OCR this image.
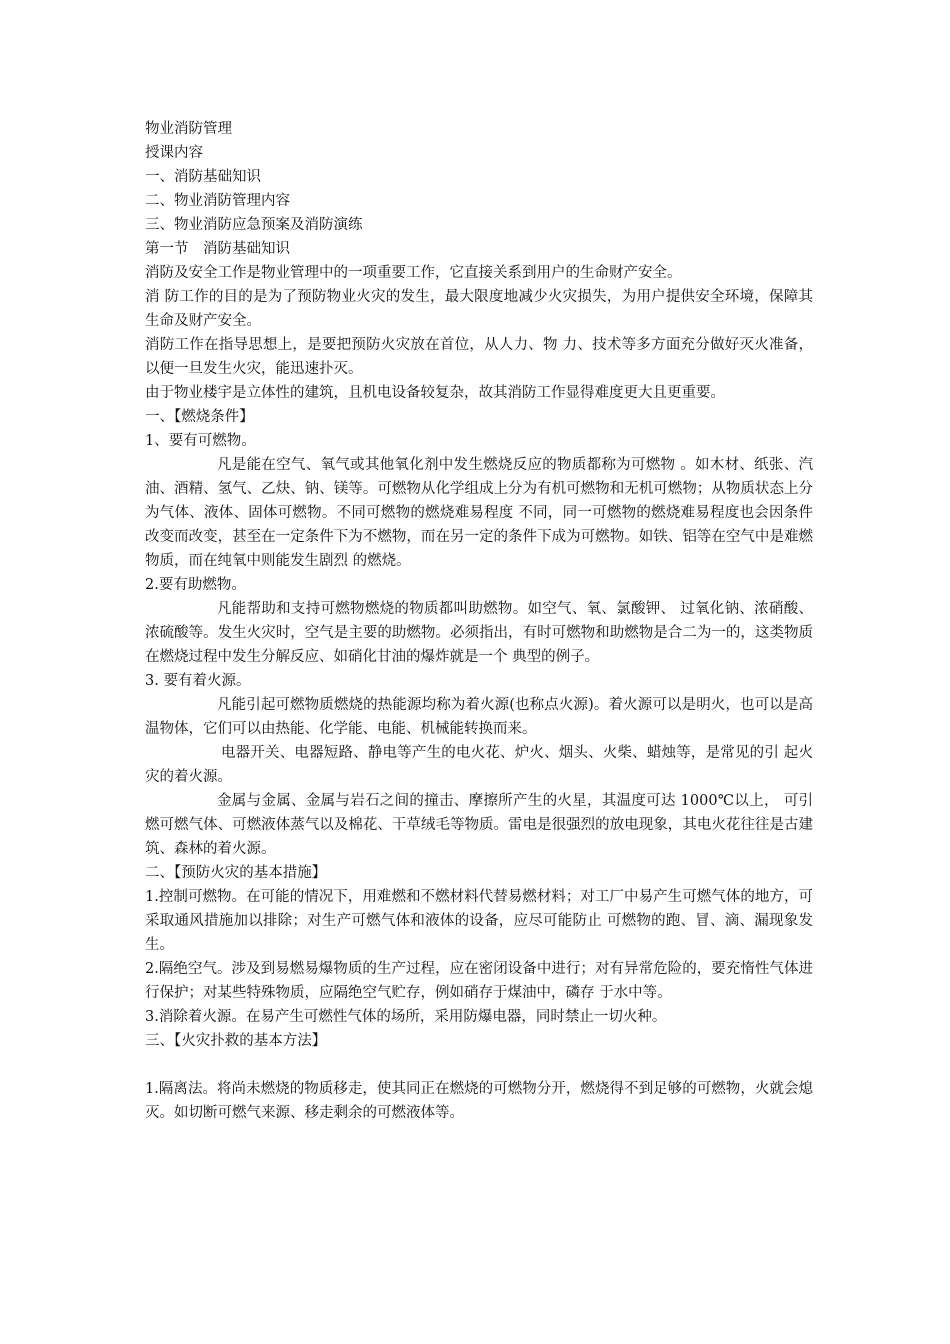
物业消防管理

授课内容

一、消防基础知识

二、物业消防管理内容

三、物业消防应急预案及消防演练

第一节　消防基础知识

消防及安全工作是物业管理中的一项重要工作，它直接关系到用户的生命财产安全。

消 防工作的目的是为了预防物业火灾的发生，最大限度地减少火灾损失，为用户提供安全环境，保障其生命及财产安全。

消防工作在指导思想上，是要把预防火灾放在首位，从人力、物 力、技术等多方面充分做好灭火准备，以便一旦发生火灾，能迅速扑灭。

由于物业楼宇是立体性的建筑，且机电设备较复杂，故其消防工作显得难度更大且更重要。

一、【燃烧条件】

1、要有可燃物。

凡是能在空气、氧气或其他氧化剂中发生燃烧反应的物质都称为可燃物 。如木材、纸张、汽油、酒精、氢气、乙炔、钠、镁等。可燃物从化学组成上分为有机可燃物和无机可燃物；从物质状态上分为气体、液体、固体可燃物。不同可燃物的燃烧难易程度 不同，同一可燃物的燃烧难易程度也会因条件改变而改变，甚至在一定条件下为不燃物，而在另一定的条件下成为可燃物。如铁、铝等在空气中是难燃物质，而在纯氧中则能发生剧烈 的燃烧。

2.要有助燃物。

凡能帮助和支持可燃物燃烧的物质都叫助燃物。如空气、氧、氯酸钾、 过氧化钠、浓硝酸、浓硫酸等。发生火灾时，空气是主要的助燃物。必须指出，有时可燃物和助燃物是合二为一的，这类物质在燃烧过程中发生分解反应、如硝化甘油的爆炸就是一个 典型的例子。

3. 要有着火源。

凡能引起可燃物质燃烧的热能源均称为着火源(也称点火源)。着火源可以是明火，也可以是高温物体，它们可以由热能、化学能、电能、机械能转换而来。

电器开关、电器短路、静电等产生的电火花、炉火、烟头、火柴、蜡烛等，是常见的引 起火灾的着火源。

金属与金属、金属与岩石之间的撞击、摩擦所产生的火星，其温度可达 1000℃以上， 可引燃可燃气体、可燃液体蒸气以及棉花、干草绒毛等物质。雷电是很强烈的放电现象，其电火花往往是古建筑、森林的着火源。

二、【预防火灾的基本措施】

1.控制可燃物。在可能的情况下，用难燃和不燃材料代替易燃材料；对工厂中易产生可燃气体的地方，可采取通风措施加以排除；对生产可燃气体和液体的设备，应尽可能防止 可燃物的跑、冒、滴、漏现象发生。

2.隔绝空气。涉及到易燃易爆物质的生产过程，应在密闭设备中进行；对有异常危险的，要充惰性气体进行保护；对某些特殊物质，应隔绝空气贮存，例如硝存于煤油中，磷存 于水中等。

3.消除着火源。在易产生可燃性气体的场所，采用防爆电器，同时禁止一切火种。

三、【火灾扑救的基本方法】

1.隔离法。将尚未燃烧的物质移走，使其同正在燃烧的可燃物分开，燃烧得不到足够的可燃物，火就会熄灭。如切断可燃气来源、移走剩余的可燃液体等。
